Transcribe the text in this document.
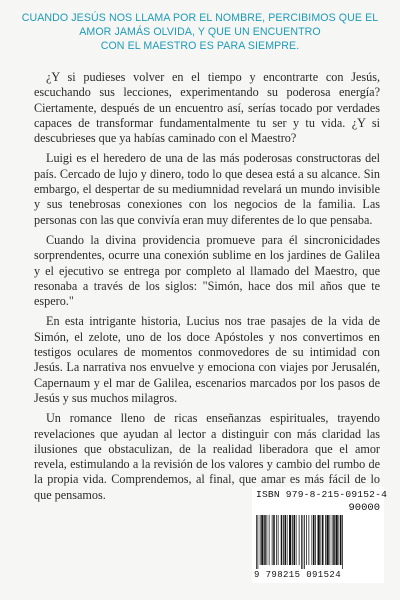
CUANDO JESÚS NOS LLAMA POR EL NOMBRE, PERCIBIMOS QUE EL
AMOR JAMÁS OLVIDA, Y QUE UN ENCUENTRO
CON EL MAESTRO ES PARA SIEMPRE.

¿Y si pudieses volver en el tiempo y encontrarte con Jesús, escuchando sus lecciones, experimentando su poderosa energía? Ciertamente, después de un encuentro así, serías tocado por verdades capaces de transformar fundamentalmente tu ser y tu vida. ¿Y si descubrieses que ya habías caminado con el Maestro?

Luigi es el heredero de una de las más poderosas constructoras del país. Cercado de lujo y dinero, todo lo que desea está a su alcance. Sin embargo, el despertar de su mediumnidad revelará un mundo invisible y sus tenebrosas conexiones con los negocios de la familia. Las personas con las que convivía eran muy diferentes de lo que pensaba.

Cuando la divina providencia promueve para él sincronicidades sorprendentes, ocurre una conexión sublime en los jardines de Galilea y el ejecutivo se entrega por completo al llamado del Maestro, que resonaba a través de los siglos: "Simón, hace dos mil años que te espero."

En esta intrigante historia, Lucius nos trae pasajes de la vida de Simón, el zelote, uno de los doce Apóstoles y nos convertimos en testigos oculares de momentos conmovedores de su intimidad con Jesús. La narrativa nos envuelve y emociona con viajes por Jerusalén, Capernaum y el mar de Galilea, escenarios marcados por los pasos de Jesús y sus muchos milagros.

Un romance lleno de ricas enseñanzas espirituales, trayendo revelaciones que ayudan al lector a distinguir con más claridad las ilusiones que obstaculizan, de la realidad liberadora que el amor revela, estimulando a la revisión de los valores y cambio del rumbo de la propia vida. Comprendemos, al final, que amar es más fácil de lo que pensamos.	ISBN 979-8-215-09152-4
90000
9 798215 091524
